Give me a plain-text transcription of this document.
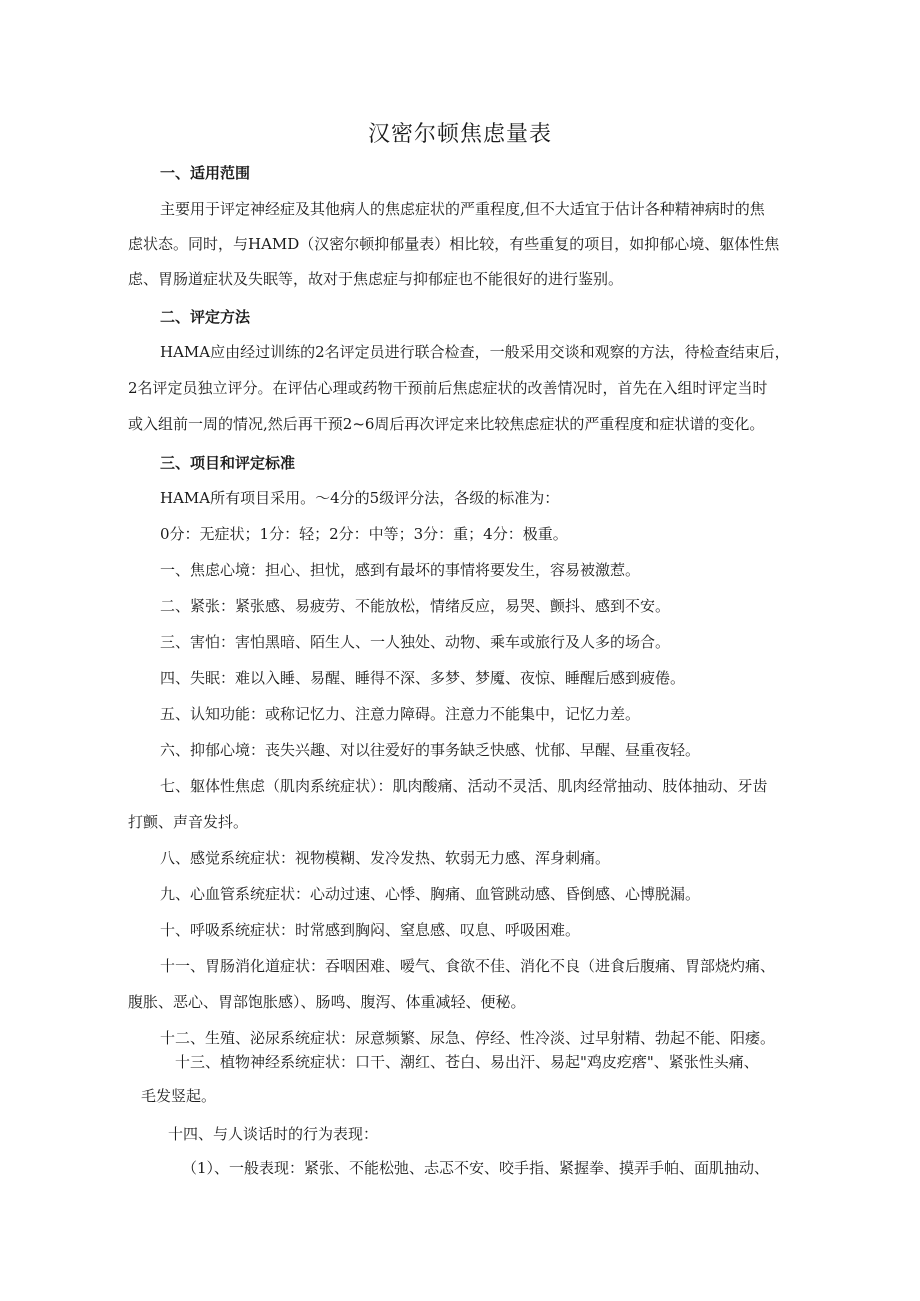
汉密尔顿焦虑量表
一、适用范围
主要用于评定神经症及其他病人的焦虑症状的严重程度,但不大适宜于估计各种精神病时的焦
虑状态。同时，与HAMD（汉密尔顿抑郁量表）相比较，有些重复的项目，如抑郁心境、躯体性焦
虑、胃肠道症状及失眠等，故对于焦虑症与抑郁症也不能很好的进行鉴别。
二、评定方法
HAMA应由经过训练的2名评定员进行联合检查，一般采用交谈和观察的方法，待检查结束后，
2名评定员独立评分。在评估心理或药物干预前后焦虑症状的改善情况时，首先在入组时评定当时
或入组前一周的情况,然后再干预2~6周后再次评定来比较焦虑症状的严重程度和症状谱的变化。
三、项目和评定标准
HAMA所有项目采用。～4分的5级评分法，各级的标准为：
0分：无症状；1分：轻；2分：中等；3分：重；4分：极重。
一、焦虑心境：担心、担忧，感到有最坏的事情将要发生，容易被激惹。
二、紧张：紧张感、易疲劳、不能放松，情绪反应，易哭、颤抖、感到不安。
三、害怕：害怕黑暗、陌生人、一人独处、动物、乘车或旅行及人多的场合。
四、失眠：难以入睡、易醒、睡得不深、多梦、梦魇、夜惊、睡醒后感到疲倦。
五、认知功能：或称记忆力、注意力障碍。注意力不能集中，记忆力差。
六、抑郁心境：丧失兴趣、对以往爱好的事务缺乏快感、忧郁、早醒、昼重夜轻。
七、躯体性焦虑（肌肉系统症状）：肌肉酸痛、活动不灵活、肌肉经常抽动、肢体抽动、牙齿
打颤、声音发抖。
八、感觉系统症状：视物模糊、发冷发热、软弱无力感、浑身刺痛。
九、心血管系统症状：心动过速、心悸、胸痛、血管跳动感、昏倒感、心博脱漏。
十、呼吸系统症状：时常感到胸闷、窒息感、叹息、呼吸困难。
十一、胃肠消化道症状：吞咽困难、嗳气、食欲不佳、消化不良（进食后腹痛、胃部烧灼痛、
腹胀、恶心、胃部饱胀感）、肠鸣、腹泻、体重减轻、便秘。
十二、生殖、泌尿系统症状：尿意频繁、尿急、停经、性冷淡、过早射精、勃起不能、阳痿。
十三、植物神经系统症状：口干、潮红、苍白、易出汗、易起"鸡皮疙瘩"、紧张性头痛、
毛发竖起。
十四、与人谈话时的行为表现：
（1）、一般表现：紧张、不能松弛、忐忑不安、咬手指、紧握拳、摸弄手帕、面肌抽动、
